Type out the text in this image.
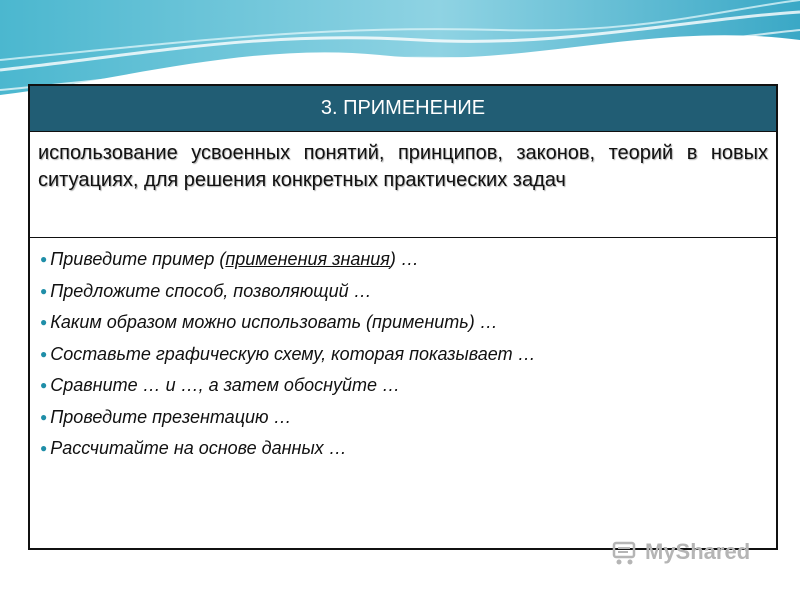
3. ПРИМЕНЕНИЕ

использование усвоенных понятий, принципов, законов, теорий в новых ситуациях, для решения конкретных практических задач

● Приведите пример (применения знания) …
● Предложите способ, позволяющий …
● Каким образом можно использовать (применить) …
● Составьте графическую схему, которая показывает …
● Сравните … и …, а затем обоснуйте …
● Проведите презентацию …
● Рассчитайте на основе данных …
MyShared
